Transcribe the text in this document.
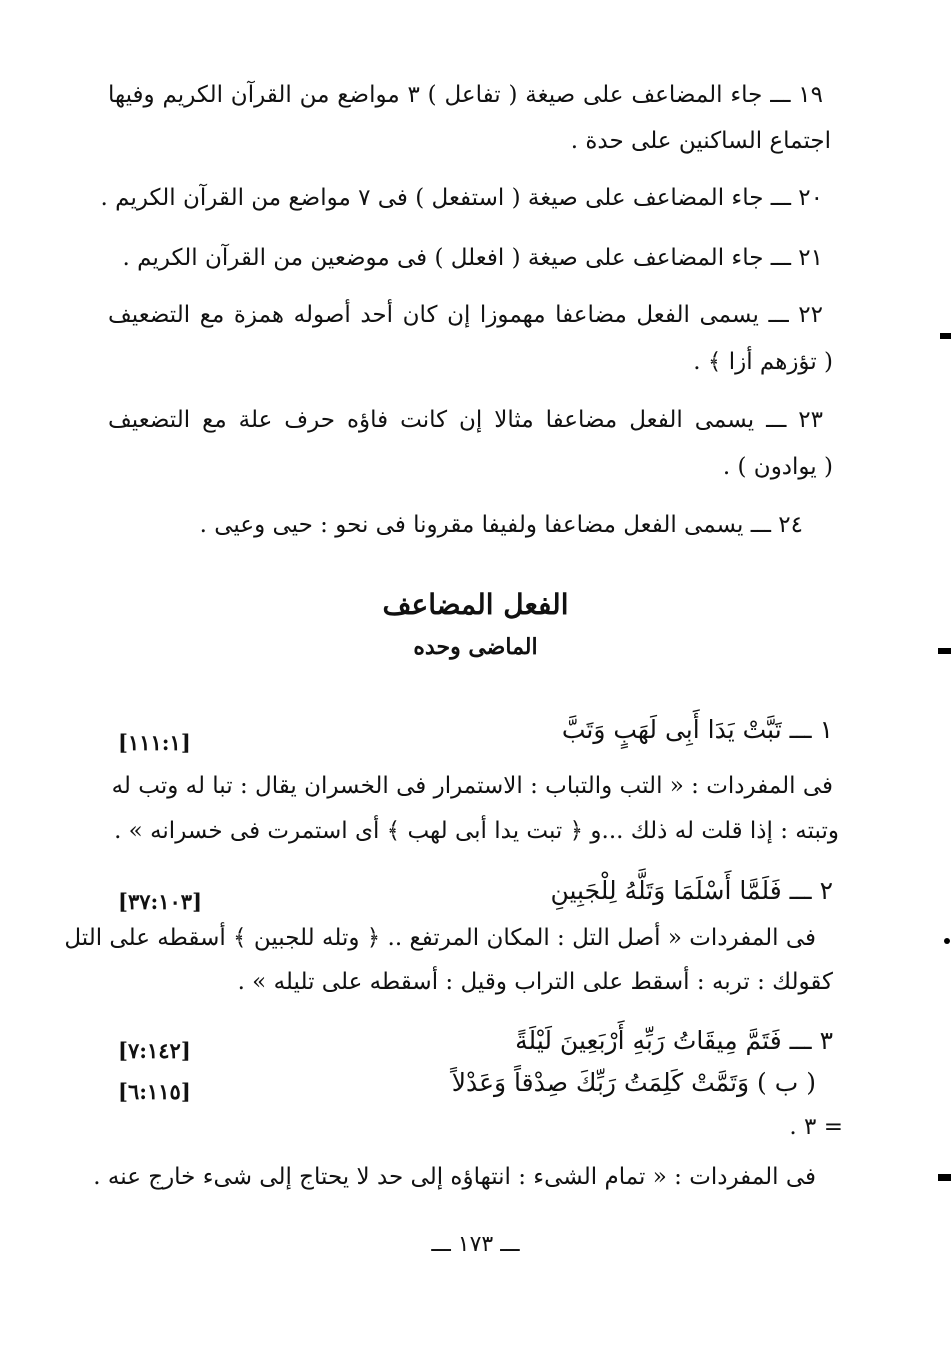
١٩ ـــ جاء المضاعف على صيغة ( تفاعل ) ٣ مواضع من القرآن الكريم وفيها
اجتماع الساكنين على حدة .
٢٠ ـــ جاء المضاعف على صيغة ( استفعل ) فى ٧ مواضع من القرآن الكريم .
٢١ ـــ جاء المضاعف على صيغة ( افعلل ) فى موضعين من القرآن الكريم .
٢٢ ـــ يسمى الفعل مضاعفا مهموزا إن كان أحد أصوله همزة مع التضعيف
( تؤزهم أزا ﴾ .
٢٣ ـــ يسمى الفعل مضاعفا مثالا إن كانت فاؤه حرف علة مع التضعيف
( يوادون ) .
٢٤ ـــ يسمى الفعل مضاعفا ولفيفا مقرونا فى نحو : حيى وعيى .
الفعل المضاعف
الماضى وحده
١ ـــ تَبَّتْ يَدَا أَبِى لَهَبٍ وَتَبَّ
[١١١:١]
فى المفردات : « التب والتباب : الاستمرار فى الخسران يقال : تبا له وتب له
وتبته : إذا قلت له ذلك ...و ﴿ تبت يدا أبى لهب ﴾ أى استمرت فى خسرانه » .
٢ ـــ فَلَمَّا أَسْلَمَا وَتَلَّهُ لِلْجَبِينِ
[٣٧:١٠٣]
فى المفردات « أصل التل : المكان المرتفع .. ﴿ وتله للجبين ﴾ أسقطه على التل
كقولك : تربه : أسقط على التراب وقيل : أسقطه على تليله » .
٣ ـــ فَتَمَّ مِيقَاتُ رَبِّهِ أَرْبَعِينَ لَيْلَةً
[٧:١٤٢]
( ب ) وَتَمَّتْ كَلِمَتُ رَبِّكَ صِدْقاً وَعَدْلاً
[٦:١١٥]
= ٣ .
فى المفردات : « تمام الشىء : انتهاؤه إلى حد لا يحتاج إلى شىء خارج عنه .
ـــ ١٧٣ ـــ
